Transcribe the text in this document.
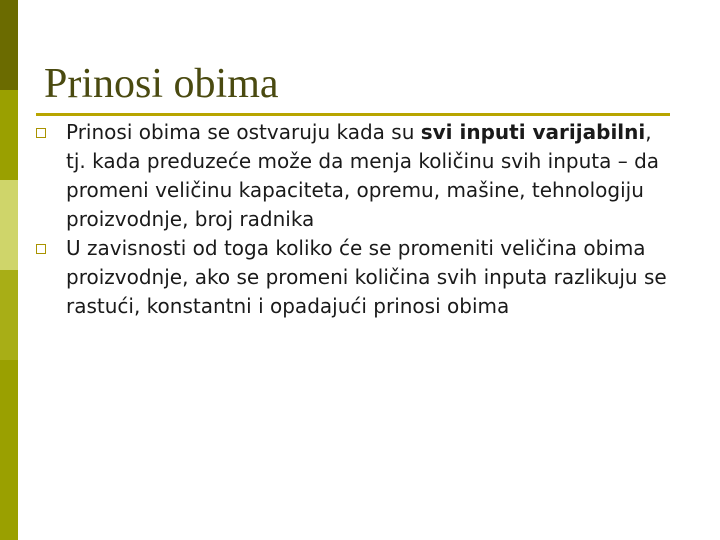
Prinosi obima
Prinosi obima se ostvaruju kada su svi inputi varijabilni, tj. kada preduzeće može da menja količinu svih inputa – da promeni veličinu kapaciteta, opremu, mašine, tehnologiju proizvodnje, broj radnika
U zavisnosti od toga koliko će se promeniti veličina obima proizvodnje, ako se promeni količina svih inputa razlikuju se rastući, konstantni i opadajući prinosi obima
